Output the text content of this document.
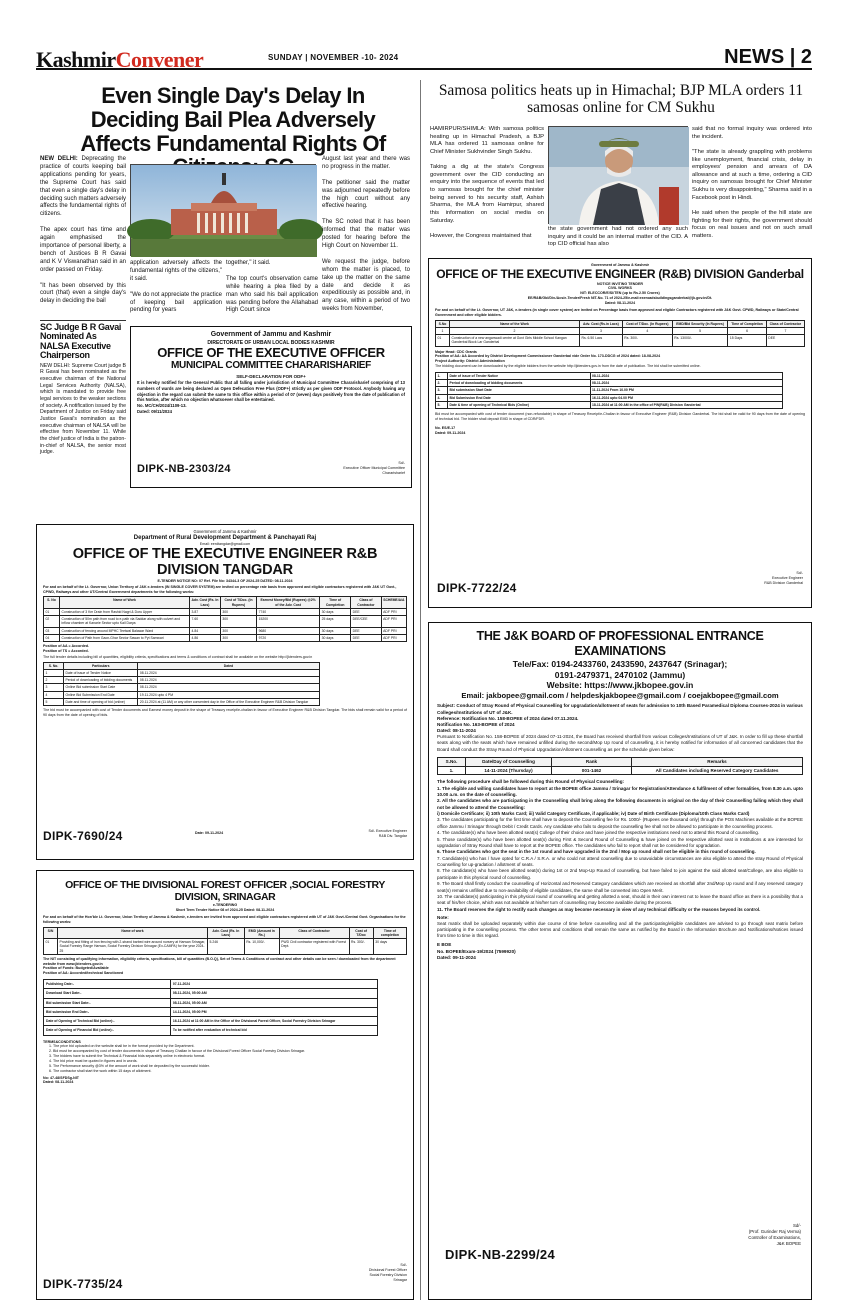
KashmirConvener	SUNDAY | NOVEMBER -10- 2024	NEWS | 2
Even Single Day's Delay In Deciding Bail Plea Adversely Affects Fundamental Rights Of
NEW DELHI: Deprecating the practice of courts keeping bail applications pending for years, the Supreme Court has said that even a single day's delay in deciding such matters adversely affects the fundamental rights of citizens.

The apex court has time and again emphasised the importance of personal liberty, a bench of Justices B R Gavai and K V Viswanathan said in an order passed on Friday.

"It has been observed by this court (that) even a single day's delay in deciding the bail
application adversely affects the fundamental rights of the citizens," it said.

"We do not appreciate the practice of keeping bail application pending for years
together," it said.

The top court's observation came while hearing a plea filed by a man who said his bail application was pending before the Allahabad High Court since
August last year and there was no progress in the matter.

The petitioner said the matter was adjourned repeatedly before the high court without any effective hearing.

The SC noted that it has been informed that the matter was posted for hearing before the High Court on November 11.

We request the judge, before whom the matter is placed, to take up the matter on the same date and decide it as expeditiously as possible and, in any case, within a period of two weeks from November,
SC Judge B R Gavai Nominated As NALSA Executive Chairperson
NEW DELHI: Supreme Court judge B R Gavai has been nominated as the executive chairman of the National Legal Services Authority (NALSA), which is mandated to provide free legal services to the weaker sections of society. A notification issued by the Department of Justice on Friday said Justice Gavai's nomination as the executive chairman of NALSA will be effective from November 11. While the chief justice of India is the patron-in-chief of NALSA, the senior most judge.
Government of Jammu and Kashmir
DIRECTORATE OF URBAN LOCAL BODIES KASHMIR
OFFICE OF THE EXECUTIVE OFFICER
MUNICIPAL COMMITTEE CHARARISHARIEF
SELF-DECLARATION FOR ODF+
It is hereby notified for the General Public that all falling under jurisdiction of Municipal Committee Chararisharief comprising of 13 numbers of wards are being declared as Open Defecation Free Plus (ODF+) strictly as per given ODF Protocol. Anybody having any objection in the regard can submit the same to this office within a period of 07 (seven) days positively from the date of publication of this Notice, after which no objection whatsoever shall be entertained.
No. MC/CH/2024/1109-13.
Dated: 09/11/2024
DIPK-NB-2303/24	Sd/-
Executive Officer Municipal Committee
Chararisharief
Government of Jammu & Kashmir
Department of Rural Development Department & Panchayati Raj
Email: eerdtangdar@gmail.com
OFFICE OF THE EXECUTIVE ENGINEER R&B DIVISION TANGDAR
E-TENDER NOTICE NO: 07 Ref. File No: 34344-3 OF 2024-25 DATED: 08.11.2024
For and on behalf of the Lt. Governor, Union Territory of J&K e-tenders (IN SINGLE COVER SYSTEM) are invited on percentage rate basis from approved and eligible contractors registered with J&K UT Govt., CPWD, Railways and other UT/Central Government departments for the following works:
S. No	Name of Work	Adv. Cost (Rs. In Lacs)	Cost of T/Doc. (In Rupees)	Earnest Money/Bid (Rupees) @2% of the Adv. Cost	Time of Completion	Class of Contractor	SCHEME/A/A
01	Construction of 3 Km Drain from Rashid Nagri & Doru Upper	3.87	300	7740	30 days	DEE	ADF PRI
02	Construction of 50m path from road to e-path via Saddar along with culvert and inflow chamber at Kanarie Sector upto Kail Darya	7.60	300	15200	25 days	DEE/CEE	ADF PRI
03	Construction of fencing around MPHC Teetwal Balawar Ward	4.84	300	9680	30 days	DEE	ADF PRI
04	Construction of Path from Gaon-Ghar Sector Sawan to Pyt Samwari	4.86	300	9720	30 days	DEE	ADF PRI
Position of AA = Accorded.
Position of TS = Accorded.
The full tender details including bill of quantities, eligibility criteria, specifications and terms & conditions of contract shall be available on the website http://jktenders.gov.in
S. No.	Particulars	Dated
1	Date of issue of Tender Notice	08.11.2024
2	Period of downloading of bidding documents	08.11.2024
3	Online Bid submission Start Date	08.11.2024
4	Online Bid Submission End Date	19.11.2024 upto 4 PM
5	Date and time of opening of bid (online)	20.11.2024 at (11 AM) or any other convenient day in the Office of the Executive Engineer R&B Division Tangdar
The bid must be accompanied with cost of Tender documents and Earnest money deposit in the shape of Treasury receipt/e-challan in favour of Executive Engineer R&B Division Tangdar. The bids shall remain valid for a period of 90 days from the date of opening of bids.
DIPK-7690/24	Date: 09-11-2024	Sd/- Executive Engineer
R&B Div. Tangdar
OFFICE OF THE DIVISIONAL FOREST OFFICER ,SOCIAL FORESTRY DIVISION, SRINAGAR
e-TENDERING
Short Term Tender Notice 08 of 2024-25 Dated: 08-11-2024
For and on behalf of the Hon'ble Lt. Governor, Union Territory of Jammu & Kashmir, e-tenders are invited from approved and eligible contractors registered with UT of J&K Govt./Central Govt. Organisations for the following works:
S/N	Name of work	Adv. Cost (Rs. In Lacs)	EMD (Amount in Rs.)	Class of Contractor	Cost of T/Doc	Time of completion
01	Providing and fitting of iron fencing with 2-strand barbed wire around nursery at Harwan Srinagar, Social Forestry Range Harwan, Social Forestry Division Srinagar (Ex-CAMPA) for the year 2024-25	5.246	Rs. 10,000/-	PWD Civil contractor registered with Forest Dept.	Rs. 300/-	30 days
The NIT consisting of qualifying information, eligibility criteria, specifications, bill of quantities (B.O.Q), Set of Terms & Conditions of contract and other details can be seen / downloaded from the department website from www.jktenders.gov.in
Position of Funds: Budgeted/Available
Position of AA: Accorded/technical Sanctioned
Publishing Date:-	07-11-2024
Download Start Date:-	08-11-2024, 05:00 AM
Bid submission Start Date:-	08-11-2024, 05:00 AM
Bid submission End Date:-	14-11-2024, 05:00 PM
Date of Opening of Technical Bid (online):-	16-11-2024 at 11:00 AM in the Office of the Divisional Forest Officer, Social Forestry Division Srinagar
Date of Opening of Financial Bid (online):-	To be notified after evaluation of technical bid
TERMS&CONDITIONS
1. The price bid uploaded on the website shall be in the format provided by the Department.
2. Bid must be accompanied by cost of tender documents in shape of Treasury Challan in favour of the Divisional Forest Officer Social Forestry Division Srinagar.
3. The bidders have to submit the Technical & Financial bids separately online in electronic format.
4. The bid price must be quoted in figures and in words.
5. The Performance security @3% of the amount of work shall be deposited by the successful bidder.
6. The contractor shall start the work within 15 days of allotment.
No: 47-48/SFDSg-NIT
Dated: 08-11-2024
DIPK-7735/24
Sd/-
Divisional Forest Officer
Social Forestry Division
Srinagar
Samosa politics heats up in Himachal; BJP MLA orders 11 samosas online for CM Sukhu
HAMIRPUR/SHIMLA: With samosa politics heating up in Himachal Pradesh, a BJP MLA has ordered 11 samosas online for Chief Minister Sukhvinder Singh Sukhu.

Taking a dig at the state's Congress government over the CID conducting an enquiry into the sequence of events that led to samosas brought for the chief minister being served to his security staff, Ashish Sharma, the MLA from Hamirpur, shared this information on social media on Saturday.

However, the Congress maintained that
the state government had not ordered any such inquiry and it could be an internal matter of the CID. A top CID official has also
said that no formal inquiry was ordered into the incident.

"The state is already grappling with problems like unemployment, financial crisis, delay in employees' pension and arrears of DA allowance and at such a time, ordering a CID inquiry on samosas brought for Chief Minister Sukhu is very disappointing," Sharma said in a Facebook post in Hindi.

He said when the people of the hill state are fighting for their rights, the government should focus on real issues and not on such small matters.
Government of Jammu & Kashmir
OFFICE OF THE EXECUTIVE ENGINEER (R&B) DIVISION Ganderbal
NOTICE INVITING TENDER
CIVIL WORKS
NIT: ELECCOR/E/SI/TEN (up to Rs.2.50 Crores)
EE/R&B/Gbl/Div./Acs/e-Tender/Fresh NIT-No. 71 of 2024-25/e-mail:exeroadsbuildingsganderbal@jk.gov.in/Dt.
Dated: 08-11-2024
For and on behalf of the Lt. Governor, UT J&K, e-tenders (in single cover system) are invited on Percentage basis from approved and eligible Contractors registered with J&K Govt. CPWD, Railways or State/Central Government and other eligible bidders.
S.No	Name of the Work	Adv. Cost (Rs.in Lacs)	Cost of T/Doc. (In Rupees)	EMD/Bid Security (In Rupees)	Time of Completion	Class of Contractor
1	2	3	4	5	6	7
01	Construction of a new anganwadi centre at Govt Girls Middle School Kangan Ganderbal Block Lar Ganderbal	Rs. 6.50 Lacs	Rs. 300/-	Rs. 13000/-	15 Days	DEE
Major Head: CDC Grants
Position of AA: AA Accorded by District Development Commissioner Ganderbal vide Order No. 173-DDCG of 2024 dated: 18-08-2024
Project Authority: District Administration
The bidding document can be downloaded by the eligible bidders from the website http://jktenders.gov.in from the date of publication. The bid shall be submitted online.
1.	Date of issue of Tender Notice	08-11-2024
2.	Period of downloading of bidding documents	08-11-2024
3.	Bid submission Start Date	11-11-2024 From 10.00 PM
4.	Bid Submission End Date	16-11-2024 upto 04.00 PM
5.	Date & time of opening of Technical Bids (Online)	18-11-2024 at 11:00 AM in the office of PW(R&B) Division Ganderbal
Bid must be accompanied with cost of tender document (non-refundable) in shape of Treasury Receipt/e-Challan in favour of Executive Engineer (R&B) Division Ganderbal. The bid shall be valid for 90 days from the date of opening of technical bid. The bidder shall deposit EMD in shape of CDR/FDR.
No. ES/E-17
Dated: 09-11-2024
DIPK-7722/24
Sd/-
Executive Engineer
R&B Division Ganderbal
THE J&K BOARD OF PROFESSIONAL ENTRANCE EXAMINATIONS
Tele/Fax: 0194-2433760, 2433590, 2437647 (Srinagar);
0191-2479371, 2470102 (Jammu)
Website: https://www.jkbopee.gov.in
Email: jakbopee@gmail.com / helpdeskjakbopee@gmail.com / coejakbopee@gmail.com
Subject: Conduct of Stray Round of Physical Counselling for upgradation/allotment of seats for admission to 10th Based Paramedical Diploma Courses-2024 in various Colleges/Institutions of UT of J&K.
Reference: Notification No. 158-BOPEE of 2024 dated 07.11.2024.
Notification No. 163-BOPEE of 2024
Dated: 08-11-2024
Pursuant to Notification No. 158-BOPEE of 2024 dated 07-11-2024, the Board has received shortfall from various Colleges/Institutions of UT of J&K. In order to fill up these shortfall seats along with the seats which have remained unfilled during the second/Mop Up round of counselling, it is hereby notified for information of all concerned candidates that the Board shall conduct the Stray Round of Physical Upgradation/Allotment counselling as per the schedule given below:
S.No.	Date/Day of Counselling	Rank	Remarks
1.	14-11-2024 (Thursday)	001-1462	All Candidates including Reserved Category Candidates
The following procedure shall be followed during this Round of Physical Counselling:
1. The eligible and willing candidates have to report at the BOPEE office Jammu / Srinagar for Registration/Attendance & fulfilment of other formalities, from 8.30 a.m. upto 10.00 a.m. on the date of counselling.
2. All the candidates who are participating in the Counselling shall bring along the following documents in original on the day of their Counselling failing which they shall not be allowed to attend the Counselling:
i) Domicile Certificate; ii) 10th Marks Card; iii) Valid Category Certificate, if applicable; iv) Date of Birth Certificate (Diploma/10th Class Marks Card)
3. The candidates participating for the first time shall have to deposit the Counselling fee for Rs. 1000/- (Rupees one thousand only) through the POS Machines available at the BOPEE office Jammu / Srinagar through Debit / Credit Cards. Any candidate who fails to deposit the counselling fee shall not be allowed to participate in the counselling process.
4. The candidate(s) who have been allotted seat(s) College of their choice and have joined the respective institutions need not to attend this Round of counselling.
5. Those candidate(s) who have been allotted seat(s) during First & Second Round of Counselling & have joined on the respective allotted seat in Institutions & are interested for upgradation of Stray Round shall have to report at the BOPEE office. The candidates who fail to report shall not be considered for upgradation.
6. Those Candidates who got the seat in the 1st round and have upgraded in the 2nd / Mop up round shall not be eligible in this round of counselling.
7. Candidate(s) who has / have opted for C.R.A / S.R.A. or who could not attend counselling due to unavoidable circumstances are also eligible to attend the stray Round of Physical Counselling for up-gradation / allotment of seats.
8. The candidate(s) who have been allotted seat(s) during 1st or 2nd Mop-Up Round of counselling, but have failed to join against the said allotted seat/College, are also eligible to participate in this physical round of counselling.
9. The Board shall firstly conduct the counselling of Horizontal and Reserved Category candidates which are received as shortfall after 2nd/Mop Up round and if any reserved category seat(s) remains unfilled due to non-availability of eligible candidates, the same shall be converted into Open Merit.
10. The candidate(s) participating in this physical round of counselling and getting allotted a seat, should in their own interest not to leave the Board office as there is a possibility that a seat of his/her choice, which was not available at his/her turn of counselling may become available during the process.
11. The Board reserves the right to rectify such changes as may become necessary in view of any technical difficulty or the reasons beyond its control.
Note:
Seat matrix shall be uploaded separately within due course of time before counselling and all the participating/eligible candidates are advised to go through seat matrix before participating in the counselling process. The other terms and conditions shall remain the same as notified by the Board in the Information Brochure and Notifications/Notices issued from time to time in this regard.
E BOE
No. BOPEE/Exam-19/2024 (7599920)
Dated: 09-11-2024
DIPK-NB-2299/24
Sd/-
(Prof. Gurinder Raj Verma)
Controller of Examinations,
J&K BOPEE
